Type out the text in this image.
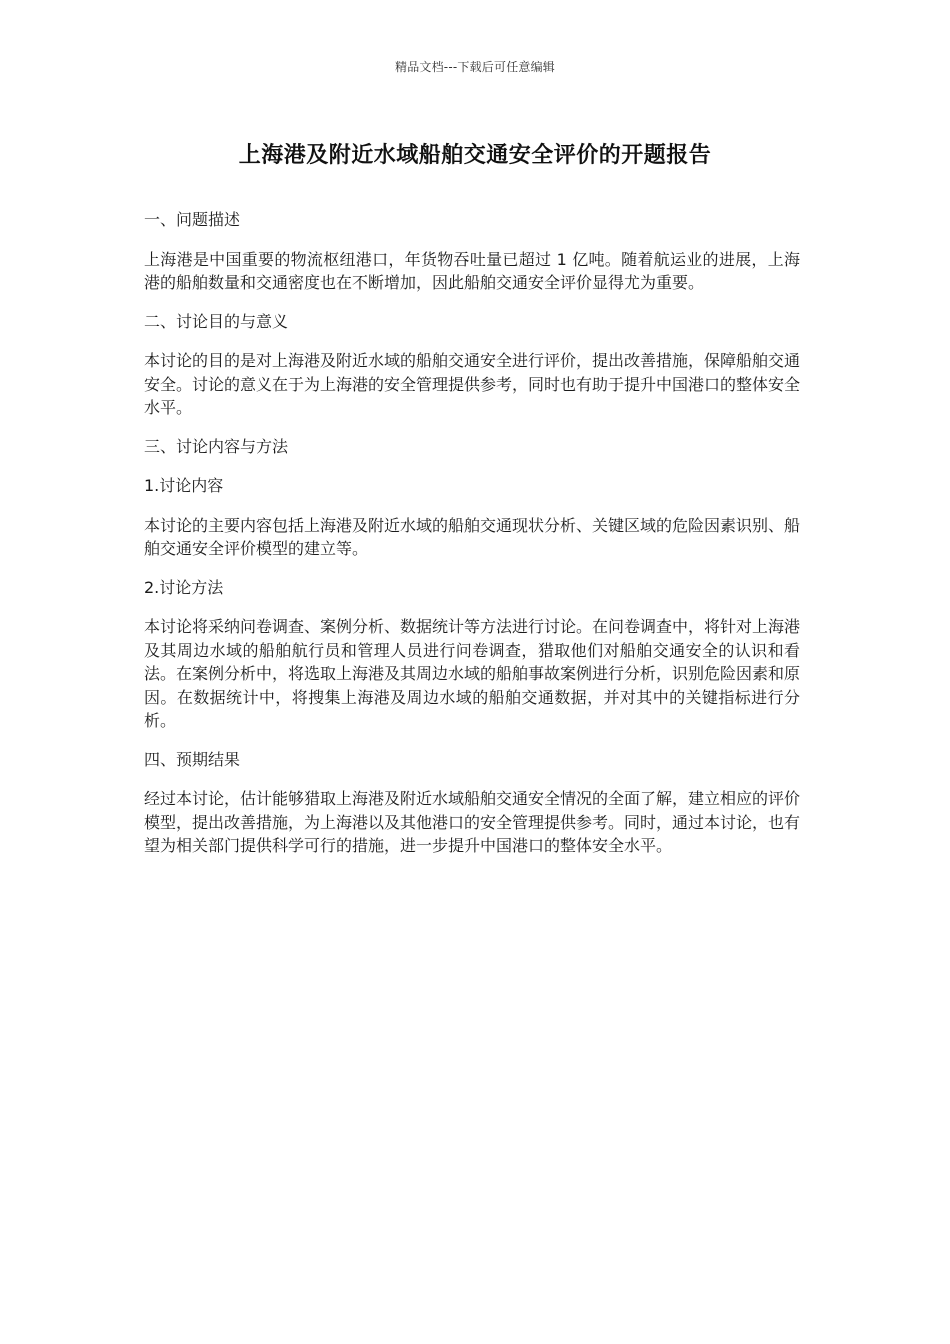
精品文档---下载后可任意编辑
上海港及附近水域船舶交通安全评价的开题报告

一、问题描述

上海港是中国重要的物流枢纽港口，年货物吞吐量已超过 1 亿吨。随着航运业的进展，上海港的船舶数量和交通密度也在不断增加，因此船舶交通安全评价显得尤为重要。

二、讨论目的与意义

本讨论的目的是对上海港及附近水域的船舶交通安全进行评价，提出改善措施，保障船舶交通安全。讨论的意义在于为上海港的安全管理提供参考，同时也有助于提升中国港口的整体安全水平。

三、讨论内容与方法

1.讨论内容

本讨论的主要内容包括上海港及附近水域的船舶交通现状分析、关键区域的危险因素识别、船舶交通安全评价模型的建立等。

2.讨论方法

本讨论将采纳问卷调查、案例分析、数据统计等方法进行讨论。在问卷调查中，将针对上海港及其周边水域的船舶航行员和管理人员进行问卷调查，猎取他们对船舶交通安全的认识和看法。在案例分析中，将选取上海港及其周边水域的船舶事故案例进行分析，识别危险因素和原因。在数据统计中，将搜集上海港及周边水域的船舶交通数据，并对其中的关键指标进行分析。

四、预期结果

经过本讨论，估计能够猎取上海港及附近水域船舶交通安全情况的全面了解，建立相应的评价模型，提出改善措施，为上海港以及其他港口的安全管理提供参考。同时，通过本讨论，也有望为相关部门提供科学可行的措施，进一步提升中国港口的整体安全水平。
